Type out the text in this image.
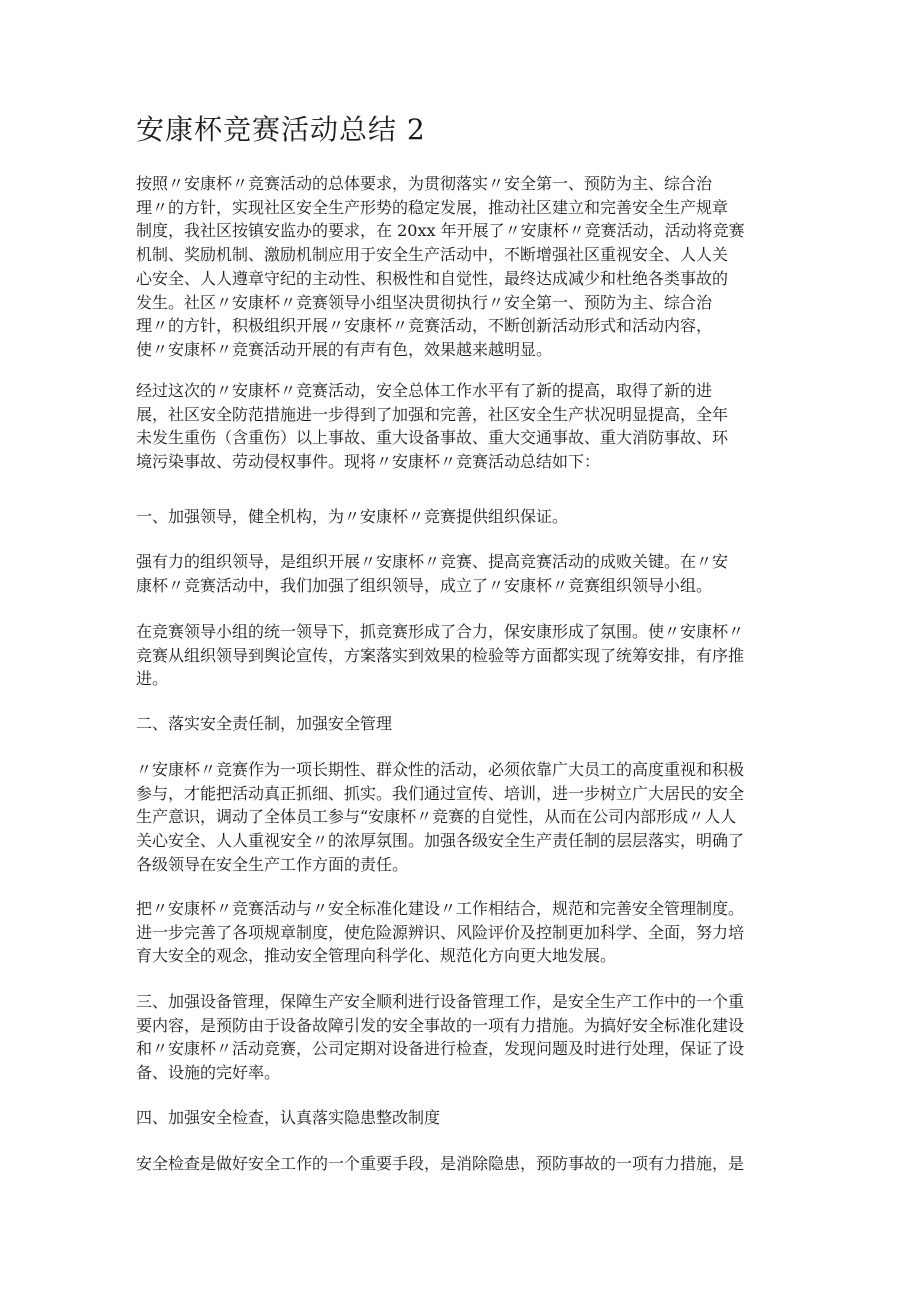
安康杯竞赛活动总结 2

按照〃安康杯〃竞赛活动的总体要求，为贯彻落实〃安全第一、预防为主、综合治
理〃的方针，实现社区安全生产形势的稳定发展，推动社区建立和完善安全生产规章
制度，我社区按镇安监办的要求，在 20xx 年开展了〃安康杯〃竞赛活动，活动将竞赛
机制、奖励机制、激励机制应用于安全生产活动中，不断增强社区重视安全、人人关
心安全、人人遵章守纪的主动性、积极性和自觉性，最终达成减少和杜绝各类事故的
发生。社区〃安康杯〃竞赛领导小组坚决贯彻执行〃安全第一、预防为主、综合治
理〃的方针，积极组织开展〃安康杯〃竞赛活动，不断创新活动形式和活动内容，
使〃安康杯〃竞赛活动开展的有声有色，效果越来越明显。

经过这次的〃安康杯〃竞赛活动，安全总体工作水平有了新的提高，取得了新的进
展，社区安全防范措施进一步得到了加强和完善，社区安全生产状况明显提高，全年
未发生重伤（含重伤）以上事故、重大设备事故、重大交通事故、重大消防事故、环
境污染事故、劳动侵权事件。现将〃安康杯〃竞赛活动总结如下：

一、加强领导，健全机构，为〃安康杯〃竞赛提供组织保证。

强有力的组织领导，是组织开展〃安康杯〃竞赛、提高竞赛活动的成败关键。在〃安
康杯〃竞赛活动中，我们加强了组织领导，成立了〃安康杯〃竞赛组织领导小组。

在竞赛领导小组的统一领导下，抓竞赛形成了合力，保安康形成了氛围。使〃安康杯〃
竞赛从组织领导到舆论宣传，方案落实到效果的检验等方面都实现了统筹安排，有序推
进。

二、落实安全责任制，加强安全管理

〃安康杯〃竞赛作为一项长期性、群众性的活动，必须依靠广大员工的高度重视和积极
参与，才能把活动真正抓细、抓实。我们通过宣传、培训，进一步树立广大居民的安全
生产意识，调动了全体员工参与“安康杯〃竞赛的自觉性，从而在公司内部形成〃人人
关心安全、人人重视安全〃的浓厚氛围。加强各级安全生产责任制的层层落实，明确了
各级领导在安全生产工作方面的责任。

把〃安康杯〃竞赛活动与〃安全标准化建设〃工作相结合，规范和完善安全管理制度。
进一步完善了各项规章制度，使危险源辨识、风险评价及控制更加科学、全面，努力培
育大安全的观念，推动安全管理向科学化、规范化方向更大地发展。

三、加强设备管理，保障生产安全顺利进行设备管理工作，是安全生产工作中的一个重
要内容，是预防由于设备故障引发的安全事故的一项有力措施。为搞好安全标准化建设
和〃安康杯〃活动竞赛，公司定期对设备进行检查，发现问题及时进行处理，保证了设
备、设施的完好率。

四、加强安全检查，认真落实隐患整改制度

安全检查是做好安全工作的一个重要手段，是消除隐患，预防事故的一项有力措施，是
